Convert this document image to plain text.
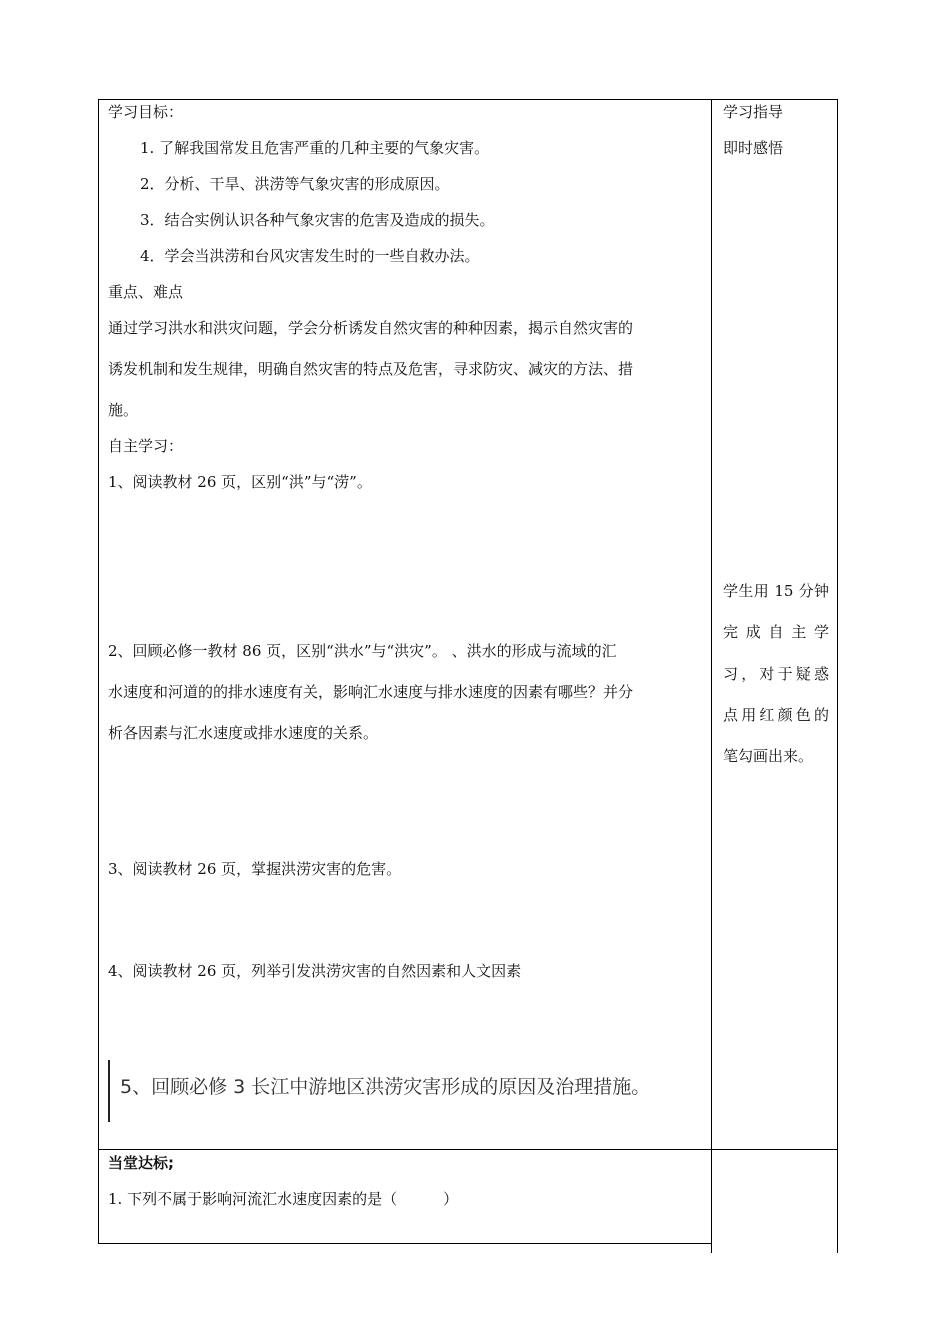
学习目标：
1. 了解我国常发且危害严重的几种主要的气象灾害。
2．分析、干旱、洪涝等气象灾害的形成原因。
3．结合实例认识各种气象灾害的危害及造成的损失。
4．学会当洪涝和台风灾害发生时的一些自救办法。
重点、难点
通过学习洪水和洪灾问题，学会分析诱发自然灾害的种种因素，揭示自然灾害的
诱发机制和发生规律，明确自然灾害的特点及危害，寻求防灾、减灾的方法、措
施。
自主学习：
1、阅读教材 26 页，区别“洪”与“涝”。
2、回顾必修一教材 86 页，区别“洪水”与“洪灾”。 、洪水的形成与流域的汇
水速度和河道的的排水速度有关，影响汇水速度与排水速度的因素有哪些？并分
析各因素与汇水速度或排水速度的关系。
3、阅读教材 26 页，掌握洪涝灾害的危害。
4、阅读教材 26 页，列举引发洪涝灾害的自然因素和人文因素
5、回顾必修 3 长江中游地区洪涝灾害形成的原因及治理措施。
学习指导
即时感悟
学生用 15 分钟
完 成 自 主 学
习，对于疑惑
点用红颜色的
笔勾画出来。
当堂达标;
1. 下列不属于影响河流汇水速度因素的是（	）
